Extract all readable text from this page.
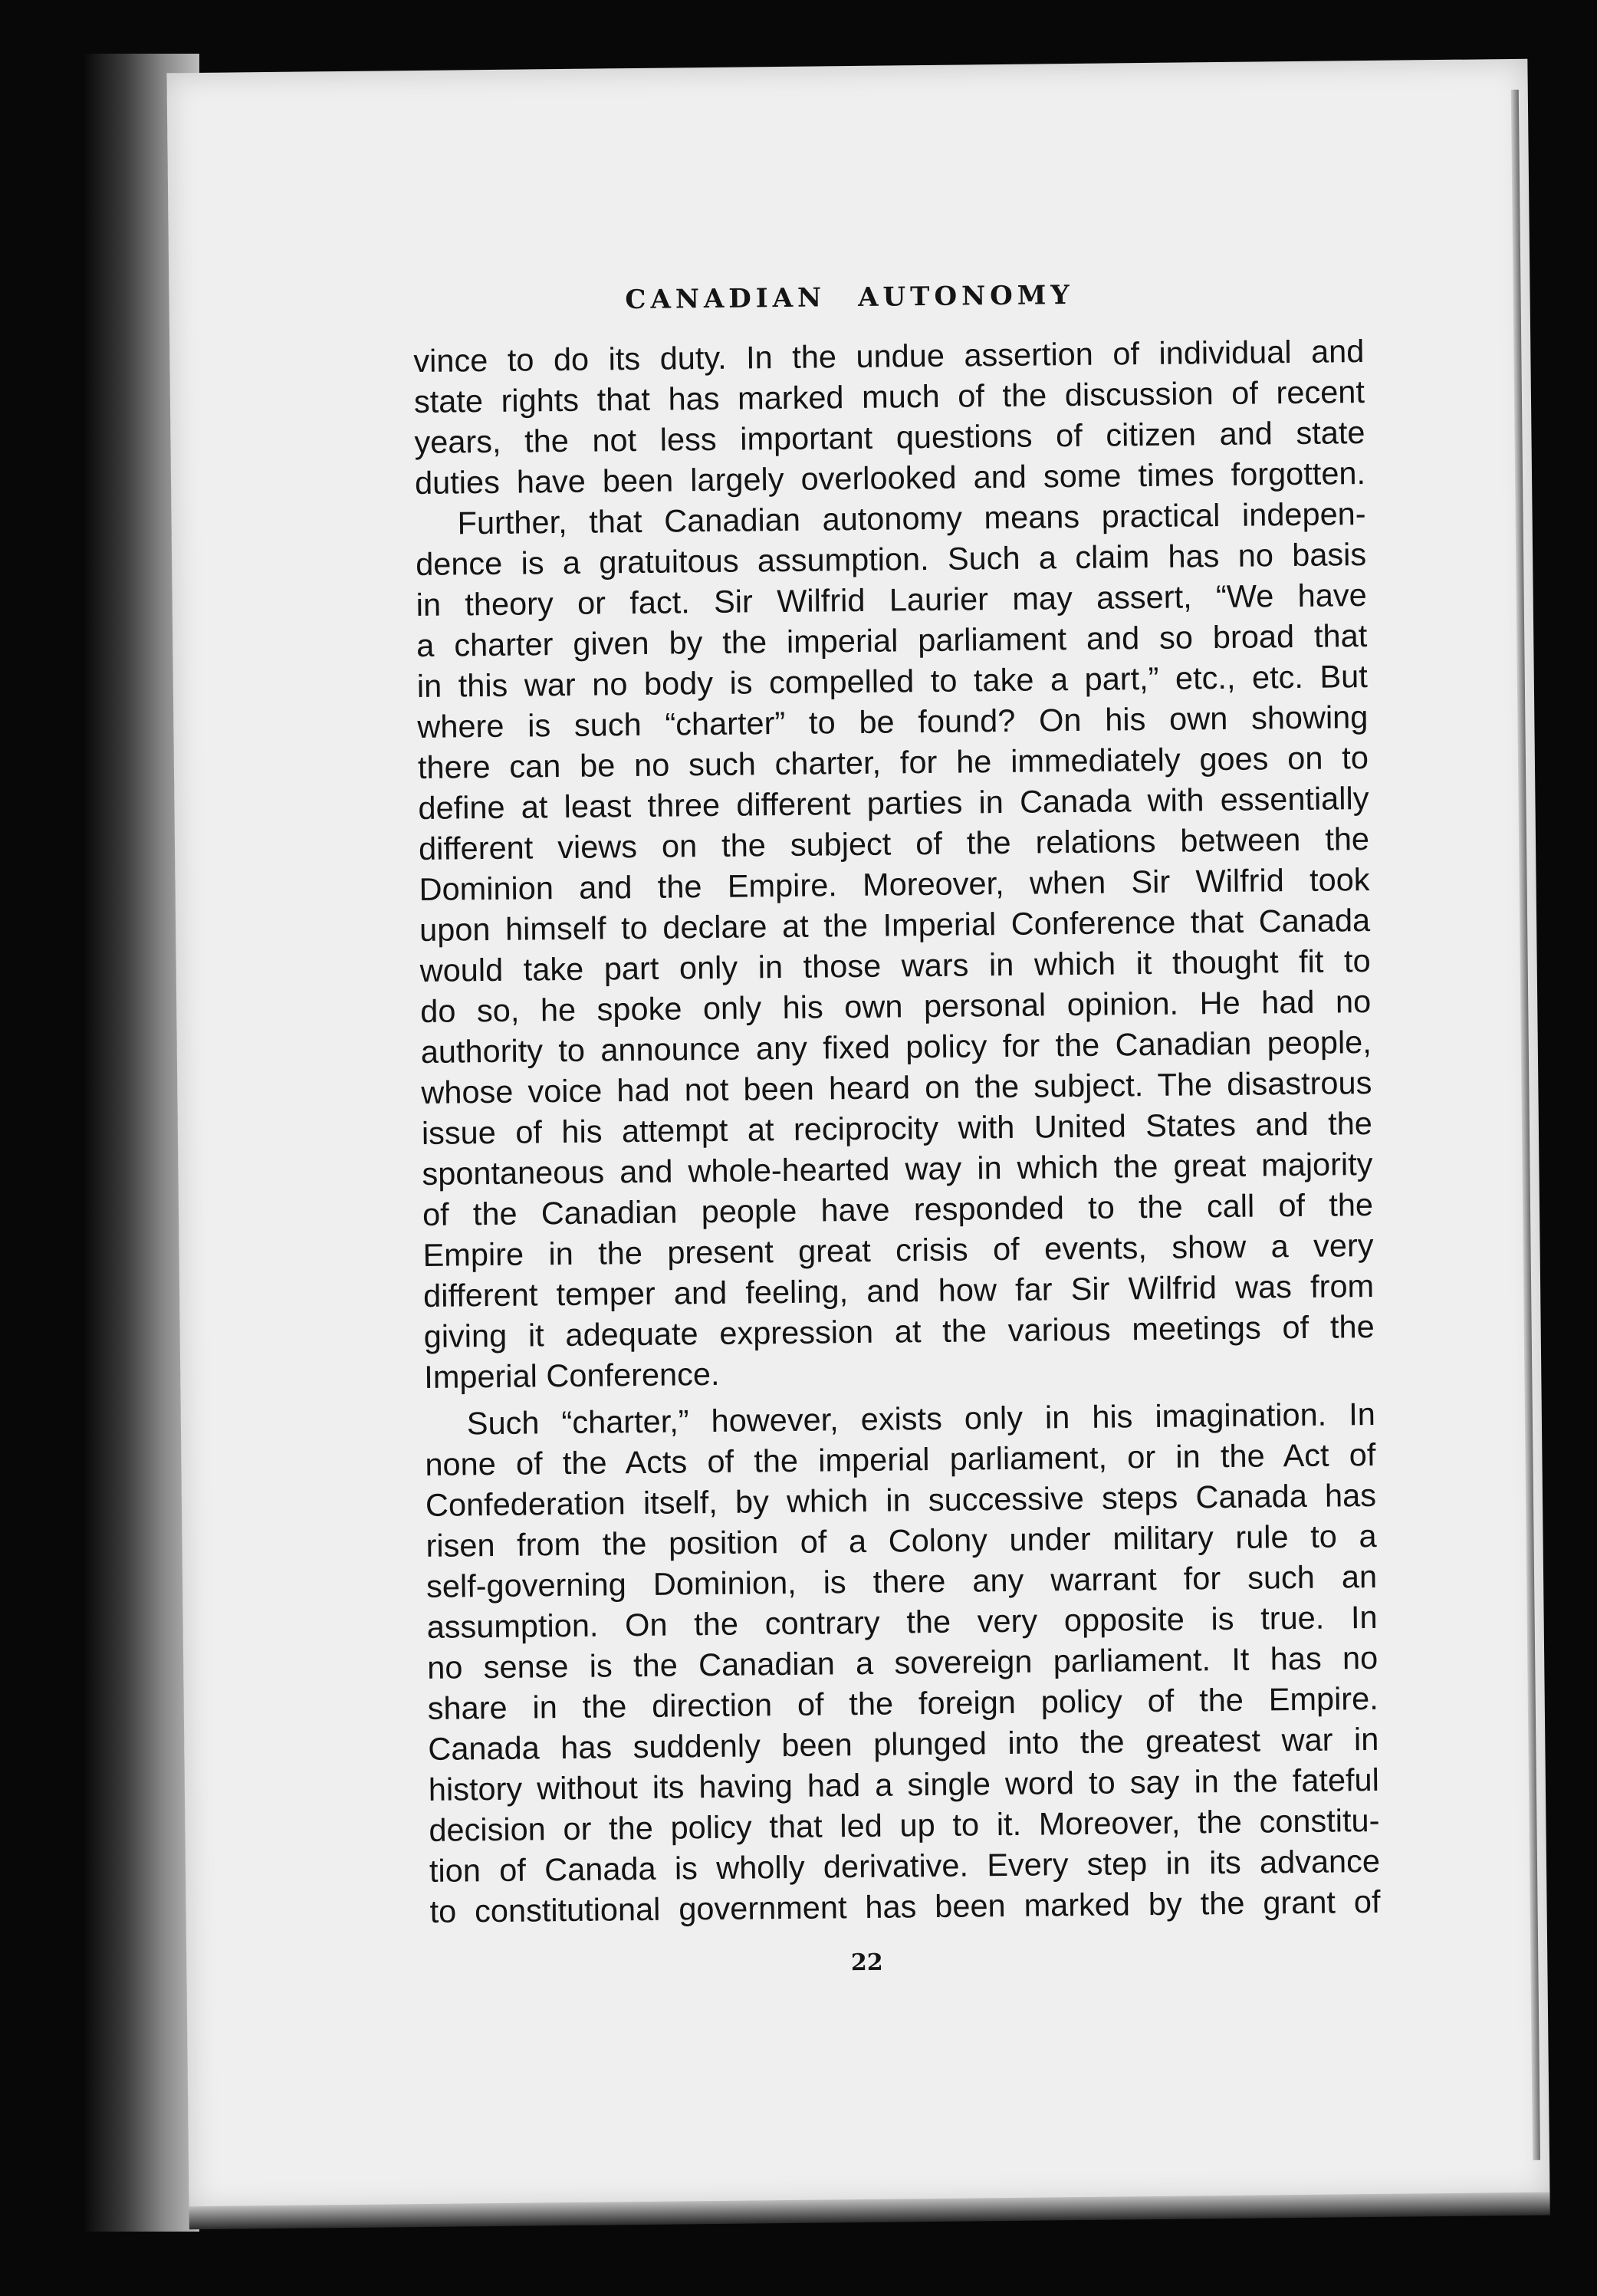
CANADIAN AUTONOMY
vince to do its duty. In the undue assertion of individual and
state rights that has marked much of the discussion of recent
years, the not less important questions of citizen and state
duties have been largely overlooked and some times forgotten.
Further, that Canadian autonomy means practical indepen-
dence is a gratuitous assumption. Such a claim has no basis
in theory or fact. Sir Wilfrid Laurier may assert, “We have
a charter given by the imperial parliament and so broad that
in this war no body is compelled to take a part,” etc., etc. But
where is such “charter” to be found? On his own showing
there can be no such charter, for he immediately goes on to
define at least three different parties in Canada with essentially
different views on the subject of the relations between the
Dominion and the Empire. Moreover, when Sir Wilfrid took
upon himself to declare at the Imperial Conference that Canada
would take part only in those wars in which it thought fit to
do so, he spoke only his own personal opinion. He had no
authority to announce any fixed policy for the Canadian people,
whose voice had not been heard on the subject. The disastrous
issue of his attempt at reciprocity with United States and the
spontaneous and whole-hearted way in which the great majority
of the Canadian people have responded to the call of the
Empire in the present great crisis of events, show a very
different temper and feeling, and how far Sir Wilfrid was from
giving it adequate expression at the various meetings of the
Imperial Conference.
Such “charter,” however, exists only in his imagination. In
none of the Acts of the imperial parliament, or in the Act of
Confederation itself, by which in successive steps Canada has
risen from the position of a Colony under military rule to a
self-governing Dominion, is there any warrant for such an
assumption. On the contrary the very opposite is true. In
no sense is the Canadian a sovereign parliament. It has no
share in the direction of the foreign policy of the Empire.
Canada has suddenly been plunged into the greatest war in
history without its having had a single word to say in the fateful
decision or the policy that led up to it. Moreover, the constitu-
tion of Canada is wholly derivative. Every step in its advance
to constitutional government has been marked by the grant of
22
